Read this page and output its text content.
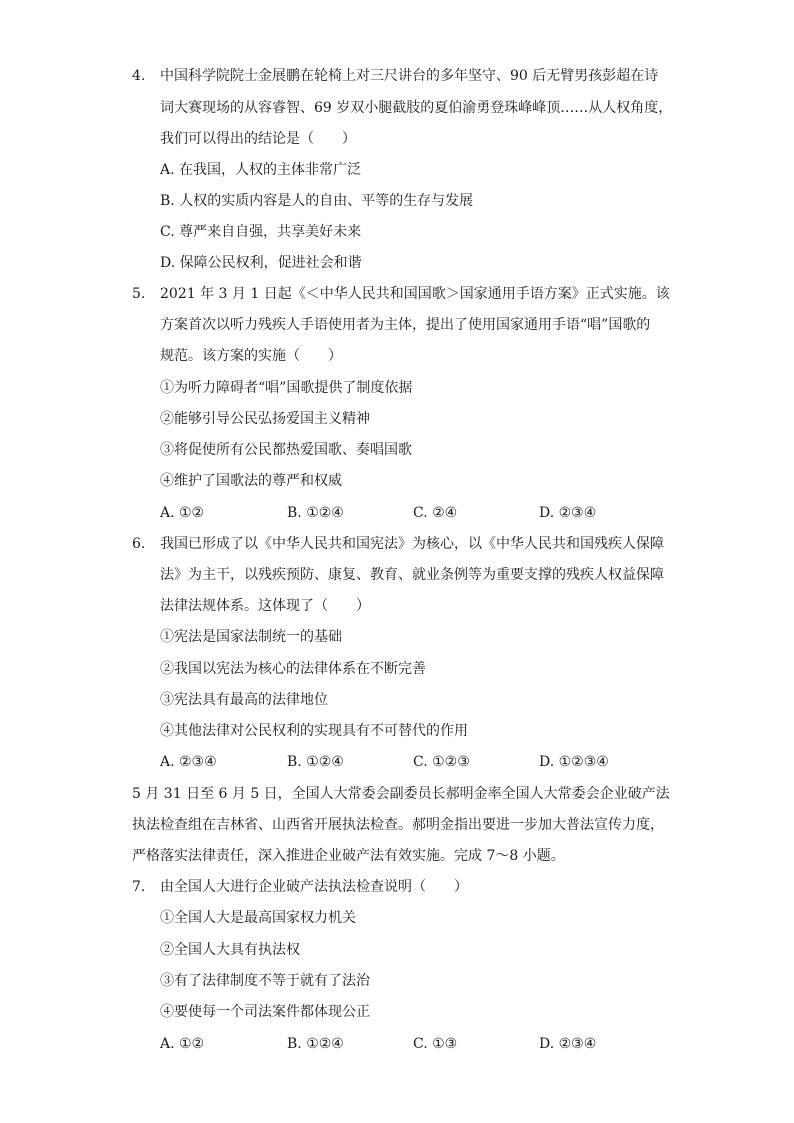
4. 中国科学院院士金展鹏在轮椅上对三尺讲台的多年坚守、90 后无臂男孩彭超在诗
词大赛现场的从容睿智、69 岁双小腿截肢的夏伯渝勇登珠峰峰顶……从人权角度，
我们可以得出的结论是（　　）
A. 在我国，人权的主体非常广泛
B. 人权的实质内容是人的自由、平等的生存与发展
C. 尊严来自自强，共享美好未来
D. 保障公民权利，促进社会和谐
5. 2021 年 3 月 1 日起《＜中华人民共和国国歌＞国家通用手语方案》正式实施。该
方案首次以听力残疾人手语使用者为主体，提出了使用国家通用手语“唱”国歌的
规范。该方案的实施（　　）
①为听力障碍者“唱”国歌提供了制度依据
②能够引导公民弘扬爱国主义精神
③将促使所有公民都热爱国歌、奏唱国歌
④维护了国歌法的尊严和权威
A. ①②	B. ①②④	C. ②④	D. ②③④
6. 我国已形成了以《中华人民共和国宪法》为核心，以《中华人民共和国残疾人保障
法》为主干，以残疾预防、康复、教育、就业条例等为重要支撑的残疾人权益保障
法律法规体系。这体现了（　　）
①宪法是国家法制统一的基础
②我国以宪法为核心的法律体系在不断完善
③宪法具有最高的法律地位
④其他法律对公民权利的实现具有不可替代的作用
A. ②③④	B. ①②④	C. ①②③	D. ①②③④
5 月 31 日至 6 月 5 日，全国人大常委会副委员长郝明金率全国人大常委会企业破产法
执法检查组在吉林省、山西省开展执法检查。郝明金指出要进一步加大普法宣传力度，
严格落实法律责任，深入推进企业破产法有效实施。完成 7～8 小题。
7. 由全国人大进行企业破产法执法检查说明（　　）
①全国人大是最高国家权力机关
②全国人大具有执法权
③有了法律制度不等于就有了法治
④要使每一个司法案件都体现公正
A. ①②	B. ①②④	C. ①③	D. ②③④
